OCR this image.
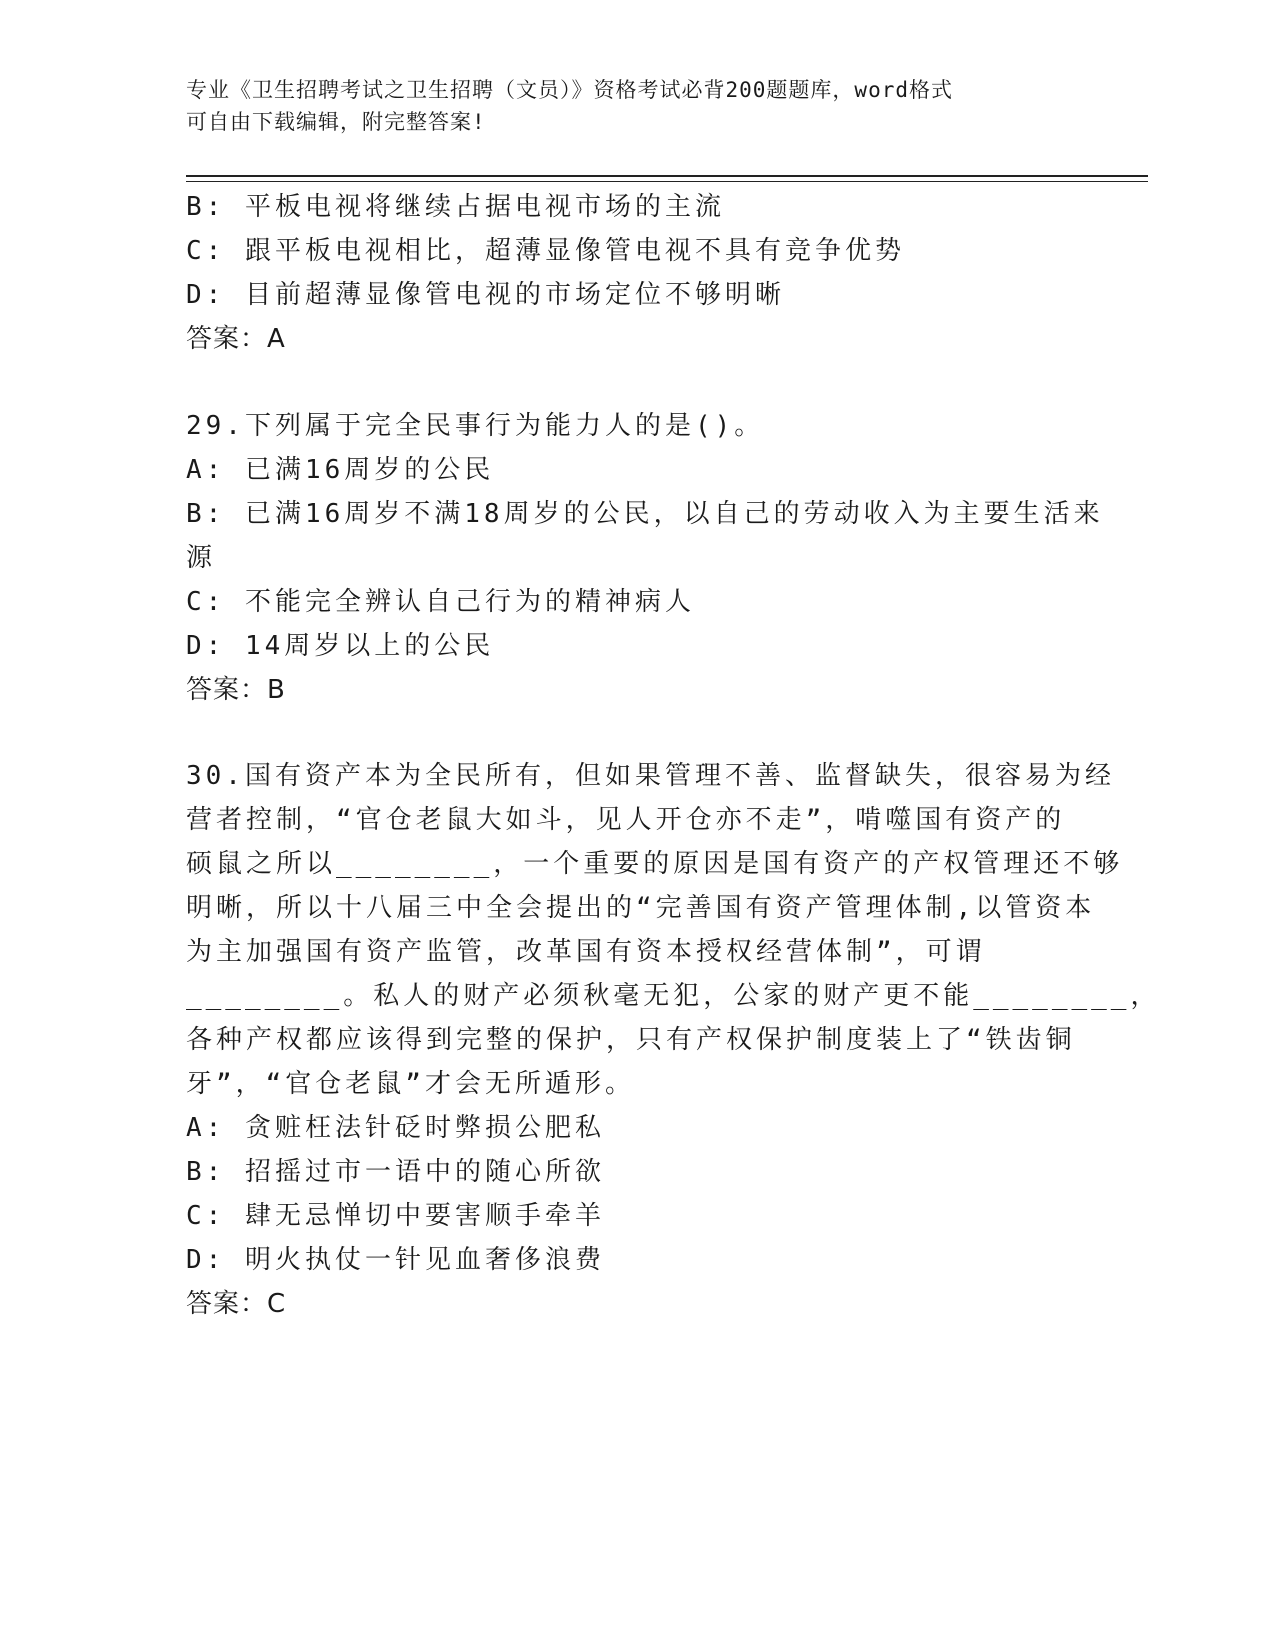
专业《卫生招聘考试之卫生招聘（文员）》资格考试必背200题题库，word格式
可自由下载编辑，附完整答案!
B: 平板电视将继续占据电视市场的主流
C: 跟平板电视相比，超薄显像管电视不具有竞争优势
D: 目前超薄显像管电视的市场定位不够明晰
答案：A
29.下列属于完全民事行为能力人的是()。
A: 已满16周岁的公民
B: 已满16周岁不满18周岁的公民，以自己的劳动收入为主要生活来
源
C: 不能完全辨认自己行为的精神病人
D: 14周岁以上的公民
答案：B
30.国有资产本为全民所有，但如果管理不善、监督缺失，很容易为经
营者控制，“官仓老鼠大如斗，见人开仓亦不走”，啃噬国有资产的
硕鼠之所以________，一个重要的原因是国有资产的产权管理还不够
明晰，所以十八届三中全会提出的“完善国有资产管理体制,以管资本
为主加强国有资产监管，改革国有资本授权经营体制”，可谓
________。私人的财产必须秋毫无犯，公家的财产更不能________，
各种产权都应该得到完整的保护，只有产权保护制度装上了“铁齿铜
牙”，“官仓老鼠”才会无所遁形。
A: 贪赃枉法针砭时弊损公肥私
B: 招摇过市一语中的随心所欲
C: 肆无忌惮切中要害顺手牵羊
D: 明火执仗一针见血奢侈浪费
答案：C
